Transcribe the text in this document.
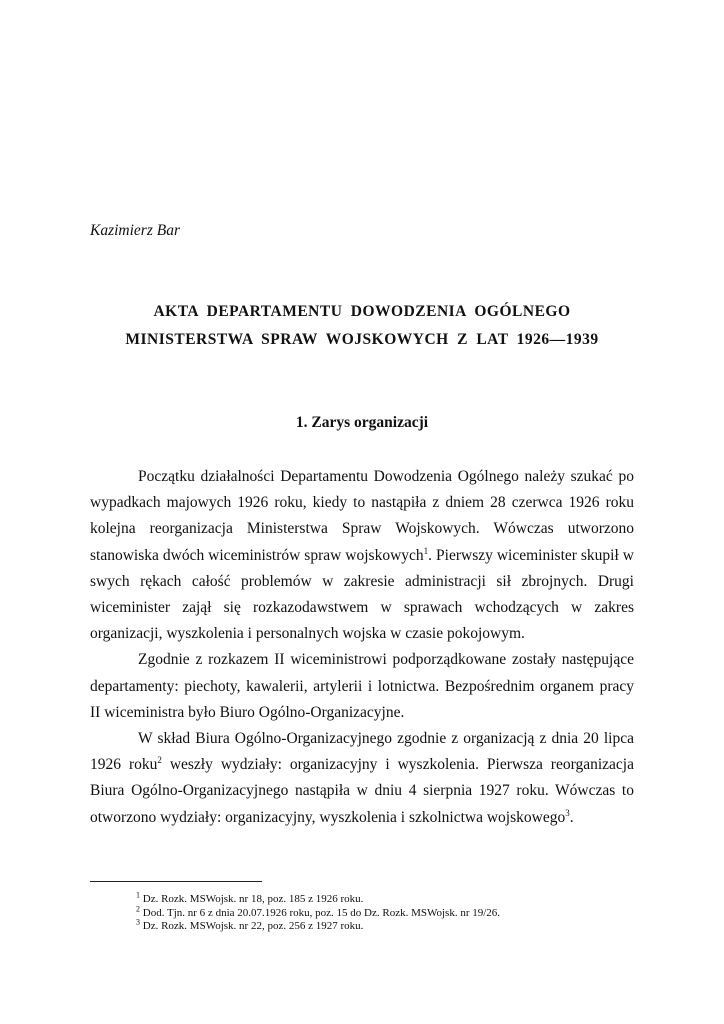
Kazimierz Bar
AKTA DEPARTAMENTU DOWODZENIA OGÓLNEGO
MINISTERSTWA SPRAW WOJSKOWYCH Z LAT 1926—1939
1. Zarys organizacji

Początku działalności Departamentu Dowodzenia Ogólnego należy szukać po wypadkach majowych 1926 roku, kiedy to nastąpiła z dniem 28 czerwca 1926 roku kolejna reorganizacja Ministerstwa Spraw Wojskowych. Wówczas utworzono stanowiska dwóch wiceministrów spraw wojskowych$^1$. Pierwszy wiceminister skupił w swych rękach całość problemów w zakresie administracji sił zbrojnych. Drugi wiceminister zajął się rozkazodawstwem w sprawach wchodzących w zakres organizacji, wyszkolenia i personalnych wojska w czasie pokojowym.

Zgodnie z rozkazem II wiceministrowi podporządkowane zostały następujące departamenty: piechoty, kawalerii, artylerii i lotnictwa. Bezpośrednim organem pracy II wiceministra było Biuro Ogólno-Organizacyjne.

W skład Biura Ogólno-Organizacyjnego zgodnie z organizacją z dnia 20 lipca 1926 roku$^2$ weszły wydziały: organizacyjny i wyszkolenia. Pierwsza reorganizacja Biura Ogólno-Organizacyjnego nastąpiła w dniu 4 sierpnia 1927 roku. Wówczas to otworzono wydziały: organizacyjny, wyszkolenia i szkolnictwa wojskowego$^3$.

$^1$ Dz. Rozk. MSWojsk. nr 18, poz. 185 z 1926 roku.
$^2$ Dod. Tjn. nr 6 z dnia 20.07.1926 roku, poz. 15 do Dz. Rozk. MSWojsk. nr 19/26.
$^3$ Dz. Rozk. MSWojsk. nr 22, poz. 256 z 1927 roku.
